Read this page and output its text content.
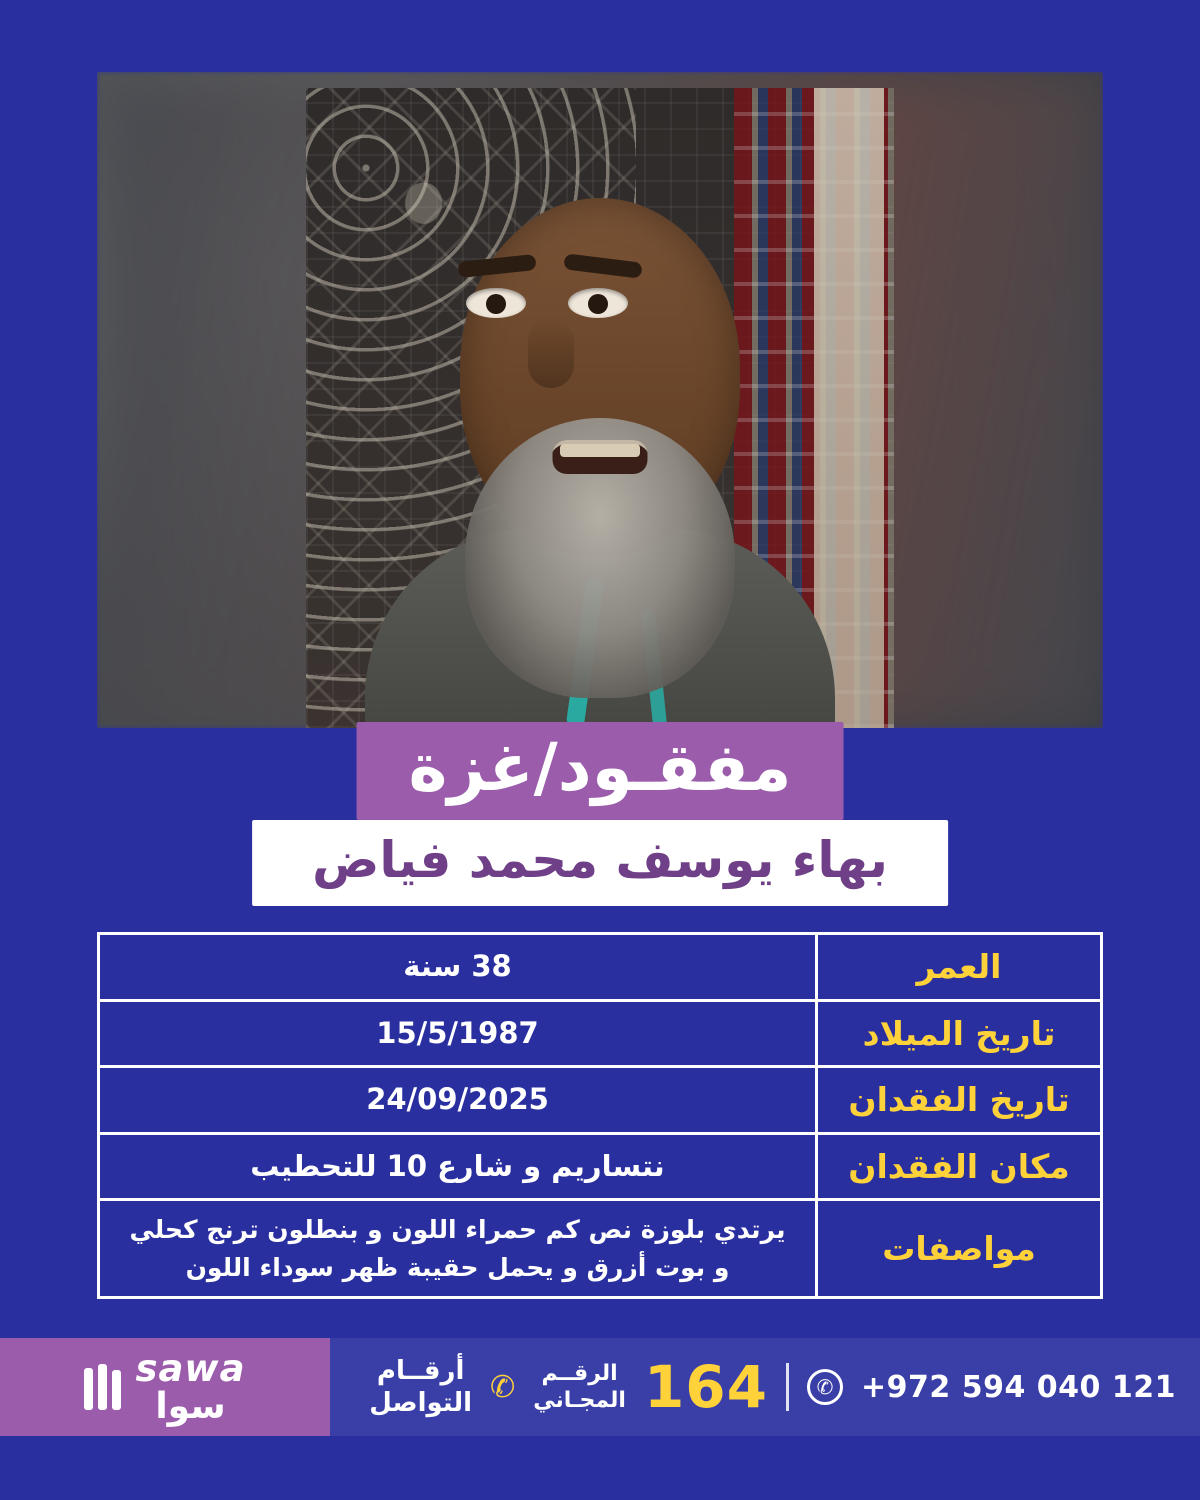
مفقـود/غزة
بهاء يوسف محمد فياض
العمر
38 سنة
تاريخ الميلاد
15/5/1987
تاريخ الفقدان
24/09/2025
مكان الفقدان
نتساريم و شارع 10 للتحطيب
مواصفات
يرتدي بلوزة نص كم حمراء اللون و بنطلون ترنج كحلي و بوت أزرق و يحمل حقيبة ظهر سوداء اللون
+972 594 040 121
✆
164
الرقــم
المجـاني
✆
أرقــام
التواصل
sawa
سوا
